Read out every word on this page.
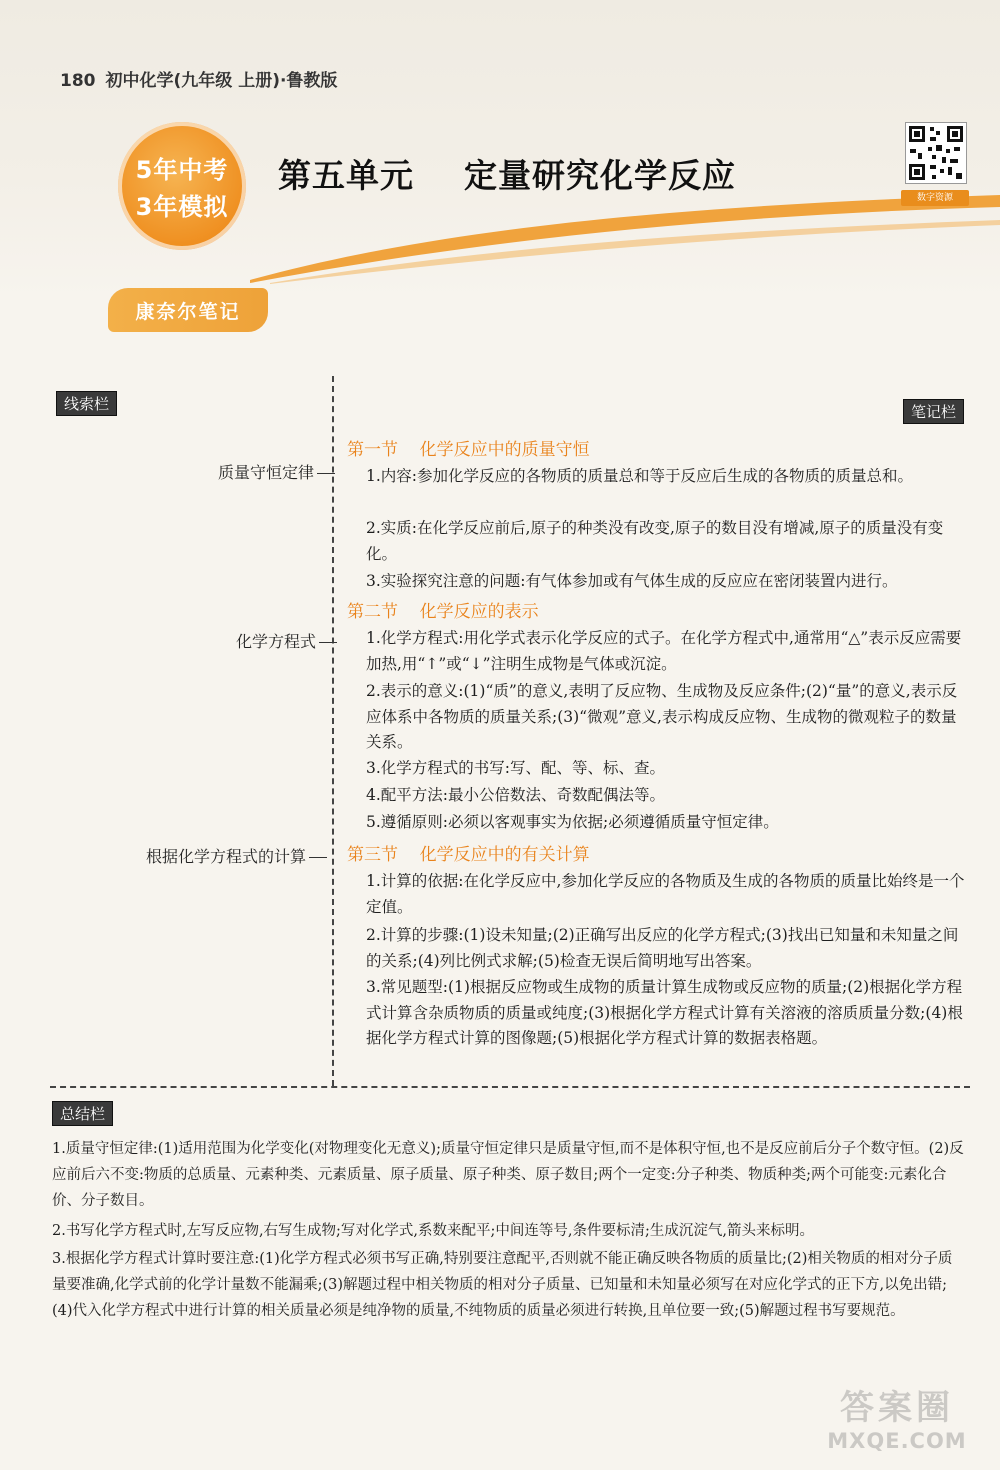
180 初中化学(九年级 上册)·鲁教版
5年中考
3年模拟
第五单元    定量研究化学反应
数字资源
康奈尔笔记
线索栏	笔记栏
质量守恒定律
化学方程式
根据化学方程式的计算
第一节    化学反应中的质量守恒
1.内容:参加化学反应的各物质的质量总和等于反应后生成的各物质的质量总和。
2.实质:在化学反应前后,原子的种类没有改变,原子的数目没有增减,原子的质量没有变化。
3.实验探究注意的问题:有气体参加或有气体生成的反应应在密闭装置内进行。
第二节    化学反应的表示
1.化学方程式:用化学式表示化学反应的式子。在化学方程式中,通常用“△”表示反应需要加热,用“↑”或“↓”注明生成物是气体或沉淀。
2.表示的意义:(1)“质”的意义,表明了反应物、生成物及反应条件;(2)“量”的意义,表示反应体系中各物质的质量关系;(3)“微观”意义,表示构成反应物、生成物的微观粒子的数量关系。
3.化学方程式的书写:写、配、等、标、查。
4.配平方法:最小公倍数法、奇数配偶法等。
5.遵循原则:必须以客观事实为依据;必须遵循质量守恒定律。
第三节    化学反应中的有关计算
1.计算的依据:在化学反应中,参加化学反应的各物质及生成的各物质的质量比始终是一个定值。
2.计算的步骤:(1)设未知量;(2)正确写出反应的化学方程式;(3)找出已知量和未知量之间的关系;(4)列比例式求解;(5)检查无误后简明地写出答案。
3.常见题型:(1)根据反应物或生成物的质量计算生成物或反应物的质量;(2)根据化学方程式计算含杂质物质的质量或纯度;(3)根据化学方程式计算有关溶液的溶质质量分数;(4)根据化学方程式计算的图像题;(5)根据化学方程式计算的数据表格题。
总结栏
1.质量守恒定律:(1)适用范围为化学变化(对物理变化无意义);质量守恒定律只是质量守恒,而不是体积守恒,也不是反应前后分子个数守恒。(2)反应前后六不变:物质的总质量、元素种类、元素质量、原子质量、原子种类、原子数目;两个一定变:分子种类、物质种类;两个可能变:元素化合价、分子数目。
2.书写化学方程式时,左写反应物,右写生成物;写对化学式,系数来配平;中间连等号,条件要标清;生成沉淀气,箭头来标明。
3.根据化学方程式计算时要注意:(1)化学方程式必须书写正确,特别要注意配平,否则就不能正确反映各物质的质量比;(2)相关物质的相对分子质量要准确,化学式前的化学计量数不能漏乘;(3)解题过程中相关物质的相对分子质量、已知量和未知量必须写在对应化学式的正下方,以免出错;(4)代入化学方程式中进行计算的相关质量必须是纯净物的质量,不纯物质的质量必须进行转换,且单位要一致;(5)解题过程书写要规范。
答案圈
MXQE.COM
